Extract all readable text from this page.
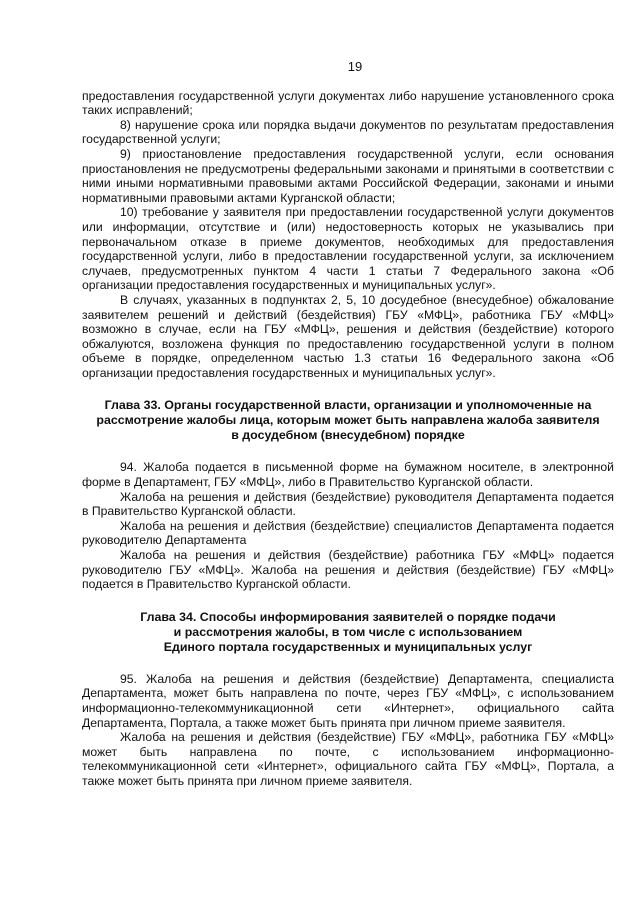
19

предоставления государственной услуги документах либо нарушение установленного срока таких исправлений;

8) нарушение срока или порядка выдачи документов по результатам предоставления государственной услуги;

9) приостановление предоставления государственной услуги, если основания приостановления не предусмотрены федеральными законами и принятыми в соответствии с ними иными нормативными правовыми актами Российской Федерации, законами и иными нормативными правовыми актами Курганской области;

10) требование у заявителя при предоставлении государственной услуги документов или информации, отсутствие и (или) недостоверность которых не указывались при первоначальном отказе в приеме документов, необходимых для предоставления государственной услуги, либо в предоставлении государственной услуги, за исключением случаев, предусмотренных пунктом 4 части 1 статьи 7 Федерального закона «Об организации предоставления государственных и муниципальных услуг».

В случаях, указанных в подпунктах 2, 5, 10 досудебное (внесудебное) обжалование заявителем решений и действий (бездействия) ГБУ «МФЦ», работника ГБУ «МФЦ» возможно в случае, если на ГБУ «МФЦ», решения и действия (бездействие) которого обжалуются, возложена функция по предоставлению государственной услуги в полном объеме в порядке, определенном частью 1.3 статьи 16 Федерального закона «Об организации предоставления государственных и муниципальных услуг».

Глава 33. Органы государственной власти, организации и уполномоченные на
рассмотрение жалобы лица, которым может быть направлена жалоба заявителя
в досудебном (внесудебном) порядке

94. Жалоба подается в письменной форме на бумажном носителе, в электронной форме в Департамент, ГБУ «МФЦ», либо в Правительство Курганской области.

Жалоба на решения и действия (бездействие) руководителя Департамента подается в Правительство Курганской области.

Жалоба на решения и действия (бездействие) специалистов Департамента подается руководителю Департамента

Жалоба на решения и действия (бездействие) работника ГБУ «МФЦ» подается руководителю ГБУ «МФЦ». Жалоба на решения и действия (бездействие) ГБУ «МФЦ» подается в Правительство Курганской области.

Глава 34. Способы информирования заявителей о порядке подачи
и рассмотрения жалобы, в том числе с использованием
Единого портала государственных и муниципальных услуг

95. Жалоба на решения и действия (бездействие) Департамента, специалиста Департамента, может быть направлена по почте, через ГБУ «МФЦ», с использованием информационно-телекоммуникационной сети «Интернет», официального сайта Департамента, Портала, а также может быть принята при личном приеме заявителя.

Жалоба на решения и действия (бездействие) ГБУ «МФЦ», работника ГБУ «МФЦ» может быть направлена по почте, с использованием информационно-телекоммуникационной сети «Интернет», официального сайта ГБУ «МФЦ», Портала, а также может быть принята при личном приеме заявителя.
